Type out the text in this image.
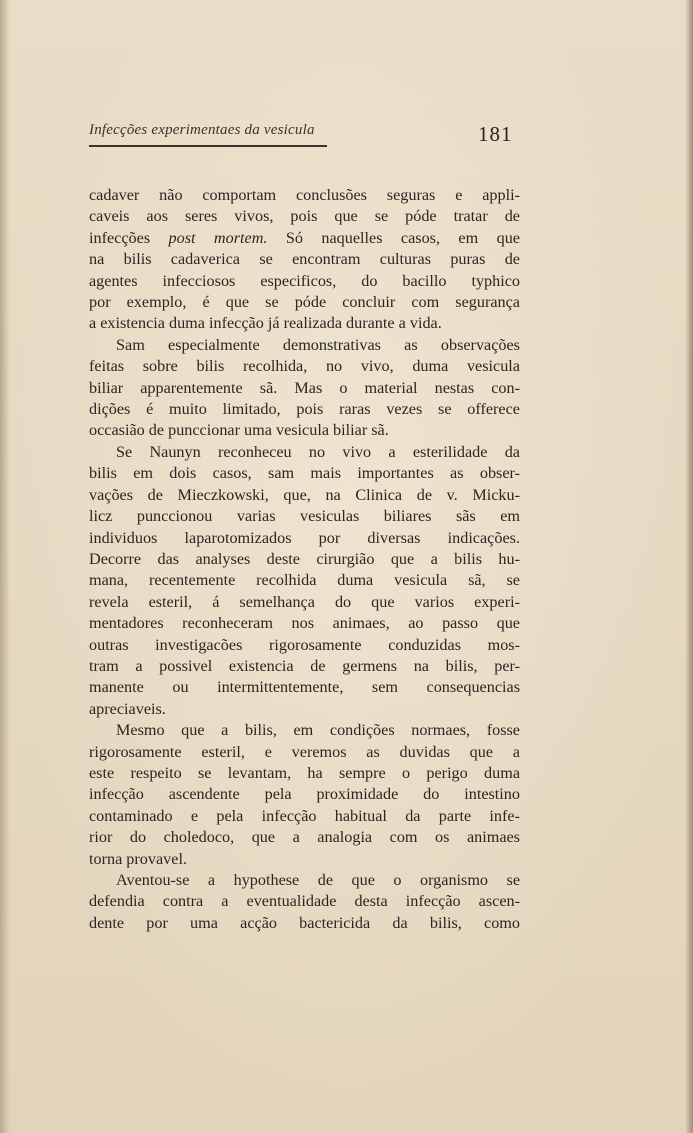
Infecções experimentaes da vesicula	181
cadaver não comportam conclusões seguras e appli-
caveis aos seres vivos, pois que se póde tratar de
infecções post mortem. Só naquelles casos, em que
na bilis cadaverica se encontram culturas puras de
agentes infecciosos especificos, do bacillo typhico
por exemplo, é que se póde concluir com segurança
a existencia duma infecção já realizada durante a vida.
Sam especialmente demonstrativas as observações
feitas sobre bilis recolhida, no vivo, duma vesicula
biliar apparentemente sã. Mas o material nestas con-
dições é muito limitado, pois raras vezes se offerece
occasião de punccionar uma vesicula biliar sã.
Se Naunyn reconheceu no vivo a esterilidade da
bilis em dois casos, sam mais importantes as obser-
vações de Mieczkowski, que, na Clinica de v. Micku-
licz punccionou varias vesiculas biliares sãs em
individuos laparotomizados por diversas indicações.
Decorre das analyses deste cirurgião que a bilis hu-
mana, recentemente recolhida duma vesicula sã, se
revela esteril, á semelhança do que varios experi-
mentadores reconheceram nos animaes, ao passo que
outras investigacões rigorosamente conduzidas mos-
tram a possivel existencia de germens na bilis, per-
manente ou intermittentemente, sem consequencias
apreciaveis.
Mesmo que a bilis, em condições normaes, fosse
rigorosamente esteril, e veremos as duvidas que a
este respeito se levantam, ha sempre o perigo duma
infecção ascendente pela proximidade do intestino
contaminado e pela infecção habitual da parte infe-
rior do choledoco, que a analogia com os animaes
torna provavel.
Aventou-se a hypothese de que o organismo se
defendia contra a eventualidade desta infecção ascen-
dente por uma acção bactericida da bilis, como
